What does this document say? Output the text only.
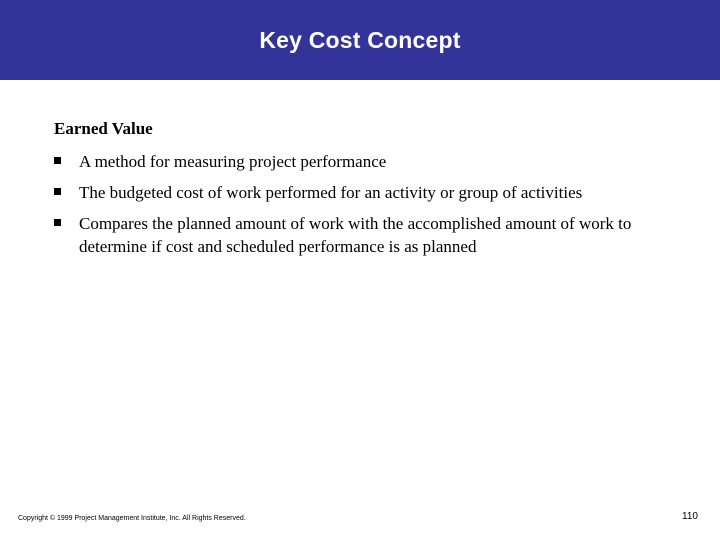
Key Cost Concept
Earned Value
A method for measuring project performance
The budgeted cost of work performed for an activity or group of activities
Compares the planned amount of work with the accomplished amount of work to determine if cost and scheduled performance is as planned
Copyright © 1999 Project Management Institute, Inc. All Rights Reserved.	110
